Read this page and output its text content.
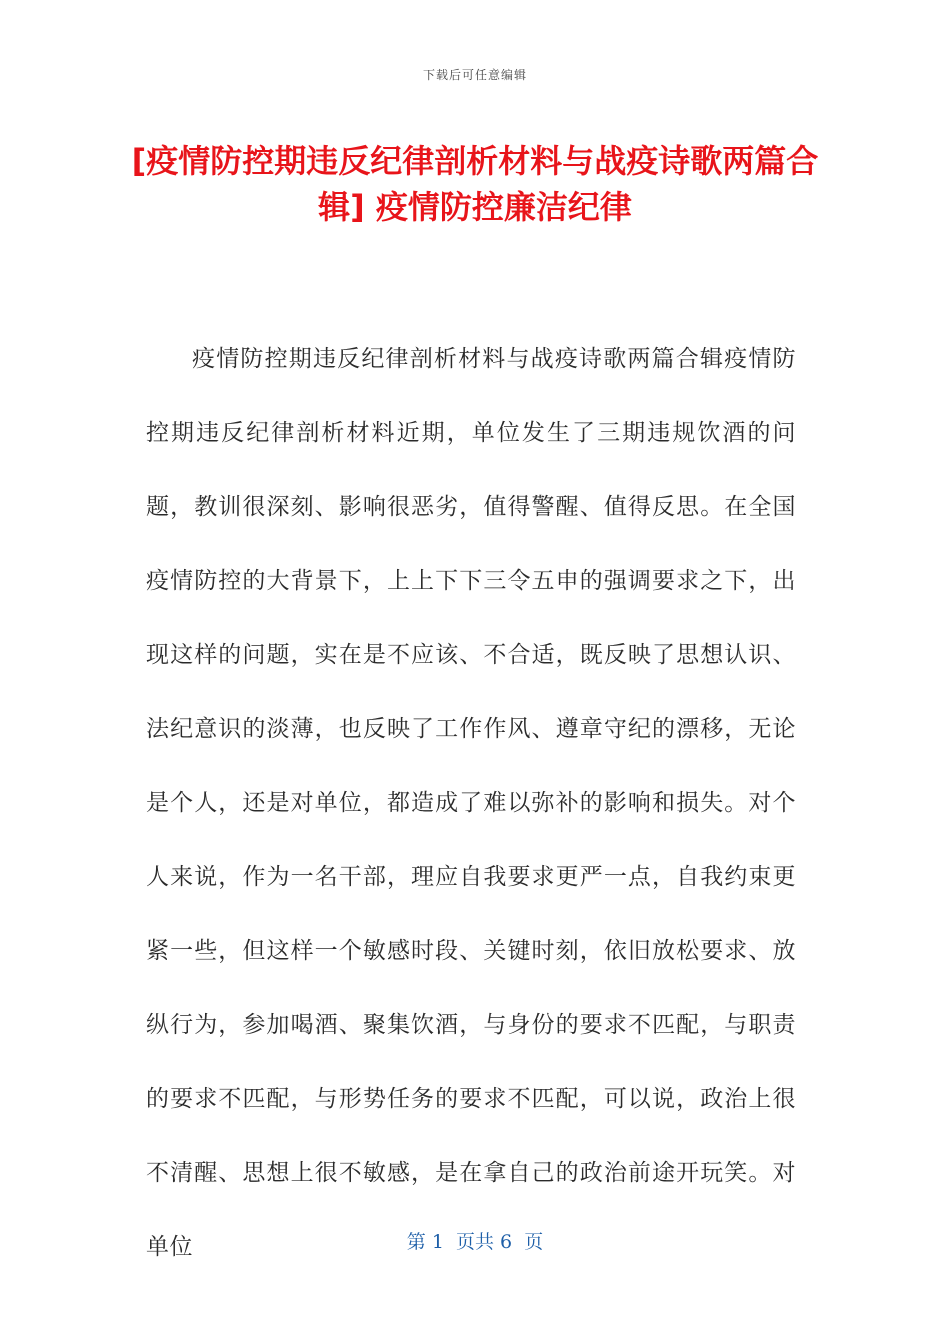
下载后可任意编辑
[疫情防控期违反纪律剖析材料与战疫诗歌两篇合辑] 疫情防控廉洁纪律

疫情防控期违反纪律剖析材料与战疫诗歌两篇合辑疫情防控期违反纪律剖析材料近期，单位发生了三期违规饮酒的问题，教训很深刻、影响很恶劣，值得警醒、值得反思。在全国疫情防控的大背景下，上上下下三令五申的强调要求之下，出现这样的问题，实在是不应该、不合适，既反映了思想认识、法纪意识的淡薄，也反映了工作作风、遵章守纪的漂移，无论是个人，还是对单位，都造成了难以弥补的影响和损失。对个人来说，作为一名干部，理应自我要求更严一点，自我约束更紧一些，但这样一个敏感时段、关键时刻，依旧放松要求、放纵行为，参加喝酒、聚集饮酒，与身份的要求不匹配，与职责的要求不匹配，与形势任务的要求不匹配，可以说，政治上很不清醒、思想上很不敏感，是在拿自己的政治前途开玩笑。对单位	第 1  页共 6  页
